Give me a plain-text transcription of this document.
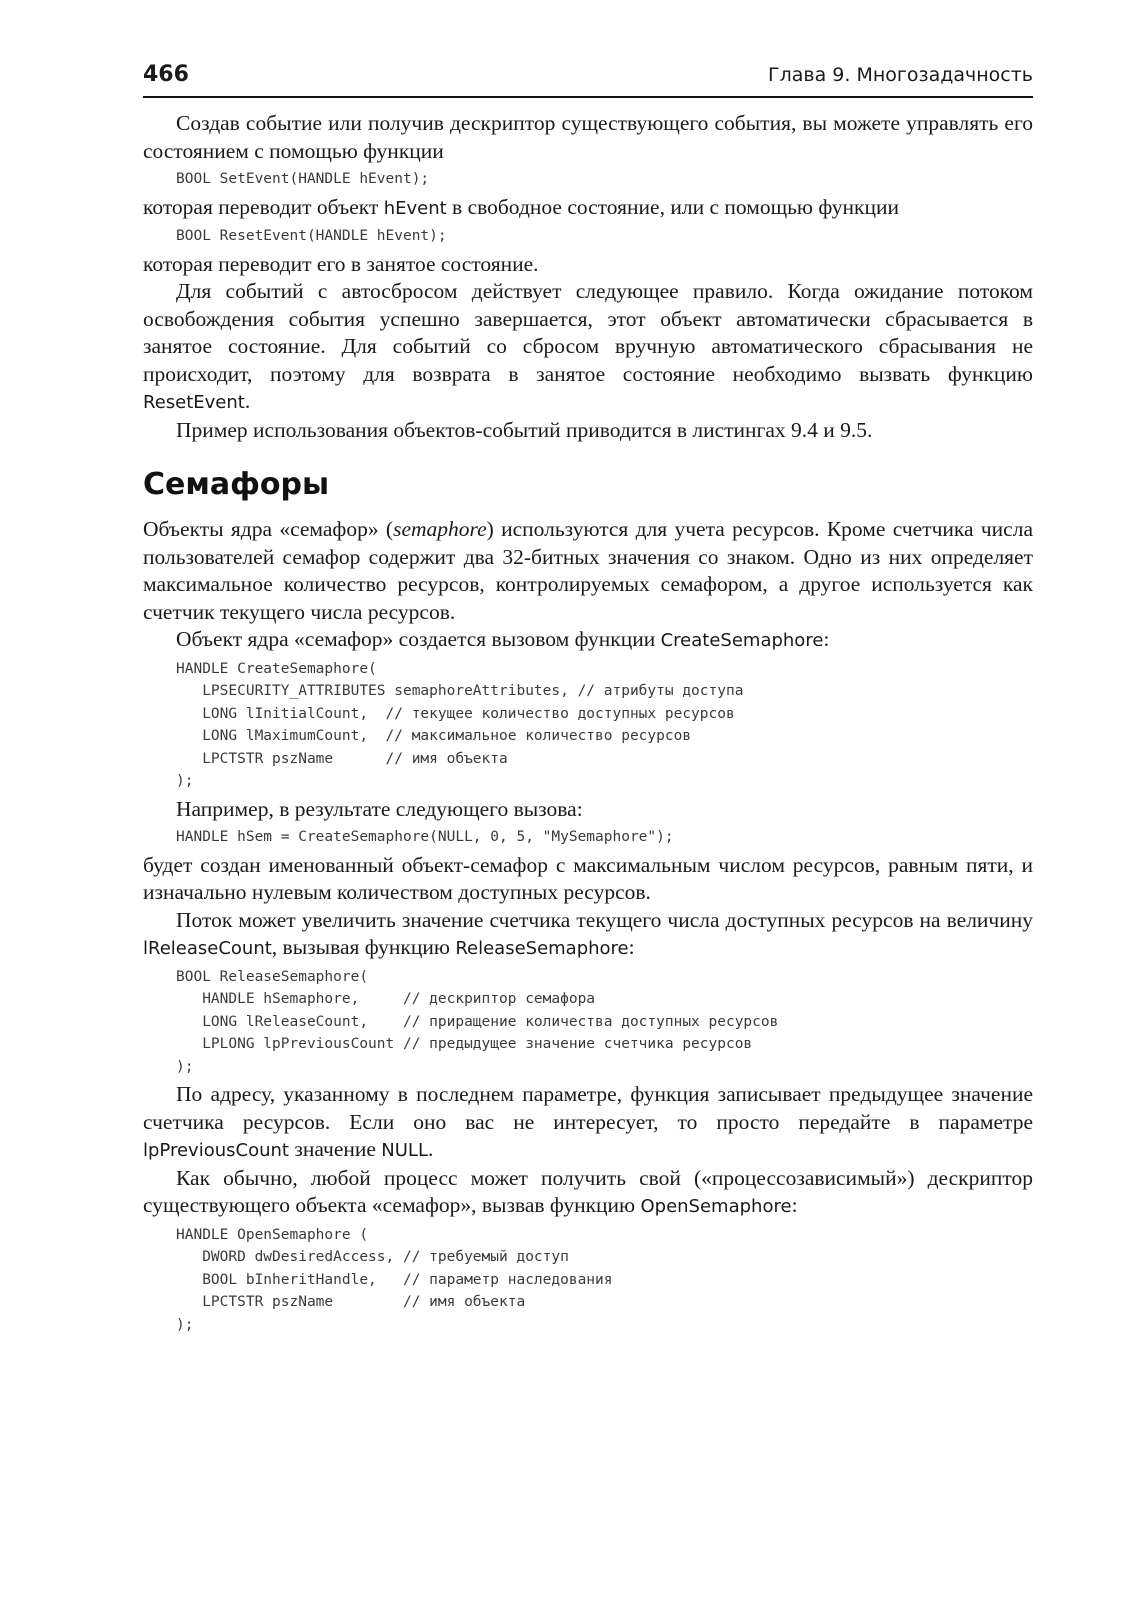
466	Глава 9. Многозадачность

Создав событие или получив дескриптор существующего события, вы можете управлять его состоянием с помощью функции

BOOL SetEvent(HANDLE hEvent);

которая переводит объект hEvent в свободное состояние, или с помощью функции

BOOL ResetEvent(HANDLE hEvent);

которая переводит его в занятое состояние.

Для событий с автосбросом действует следующее правило. Когда ожидание потоком освобождения события успешно завершается, этот объект автоматически сбрасывается в занятое состояние. Для событий со сбросом вручную автоматического сбрасывания не происходит, поэтому для возврата в занятое состояние необходимо вызвать функцию ResetEvent.

Пример использования объектов-событий приводится в листингах 9.4 и 9.5.

Семафоры

Объекты ядра «семафор» (semaphore) используются для учета ресурсов. Кроме счетчика числа пользователей семафор содержит два 32-битных значения со знаком. Одно из них определяет максимальное количество ресурсов, контролируемых семафором, а другое используется как счетчик текущего числа ресурсов.

Объект ядра «семафор» создается вызовом функции CreateSemaphore:

HANDLE CreateSemaphore(
LPSECURITY_ATTRIBUTES semaphoreAttributes, // атрибуты доступа
LONG lInitialCount,  // текущее количество доступных ресурсов
LONG lMaximumCount,  // максимальное количество ресурсов
LPCTSTR pszName      // имя объекта
);

Например, в результате следующего вызова:

HANDLE hSem = CreateSemaphore(NULL, 0, 5, "MySemaphore");

будет создан именованный объект-семафор с максимальным числом ресурсов, равным пяти, и изначально нулевым количеством доступных ресурсов.

Поток может увеличить значение счетчика текущего числа доступных ресурсов на величину lReleaseCount, вызывая функцию ReleaseSemaphore:

BOOL ReleaseSemaphore(
HANDLE hSemaphore,     // дескриптор семафора
LONG lReleaseCount,    // приращение количества доступных ресурсов
LPLONG lpPreviousCount // предыдущее значение счетчика ресурсов
);

По адресу, указанному в последнем параметре, функция записывает предыдущее значение счетчика ресурсов. Если оно вас не интересует, то просто передайте в параметре lpPreviousCount значение NULL.

Как обычно, любой процесс может получить свой («процессозависимый») дескриптор существующего объекта «семафор», вызвав функцию OpenSemaphore:

HANDLE OpenSemaphore (
DWORD dwDesiredAccess, // требуемый доступ
BOOL bInheritHandle,   // параметр наследования
LPCTSTR pszName        // имя объекта
);
